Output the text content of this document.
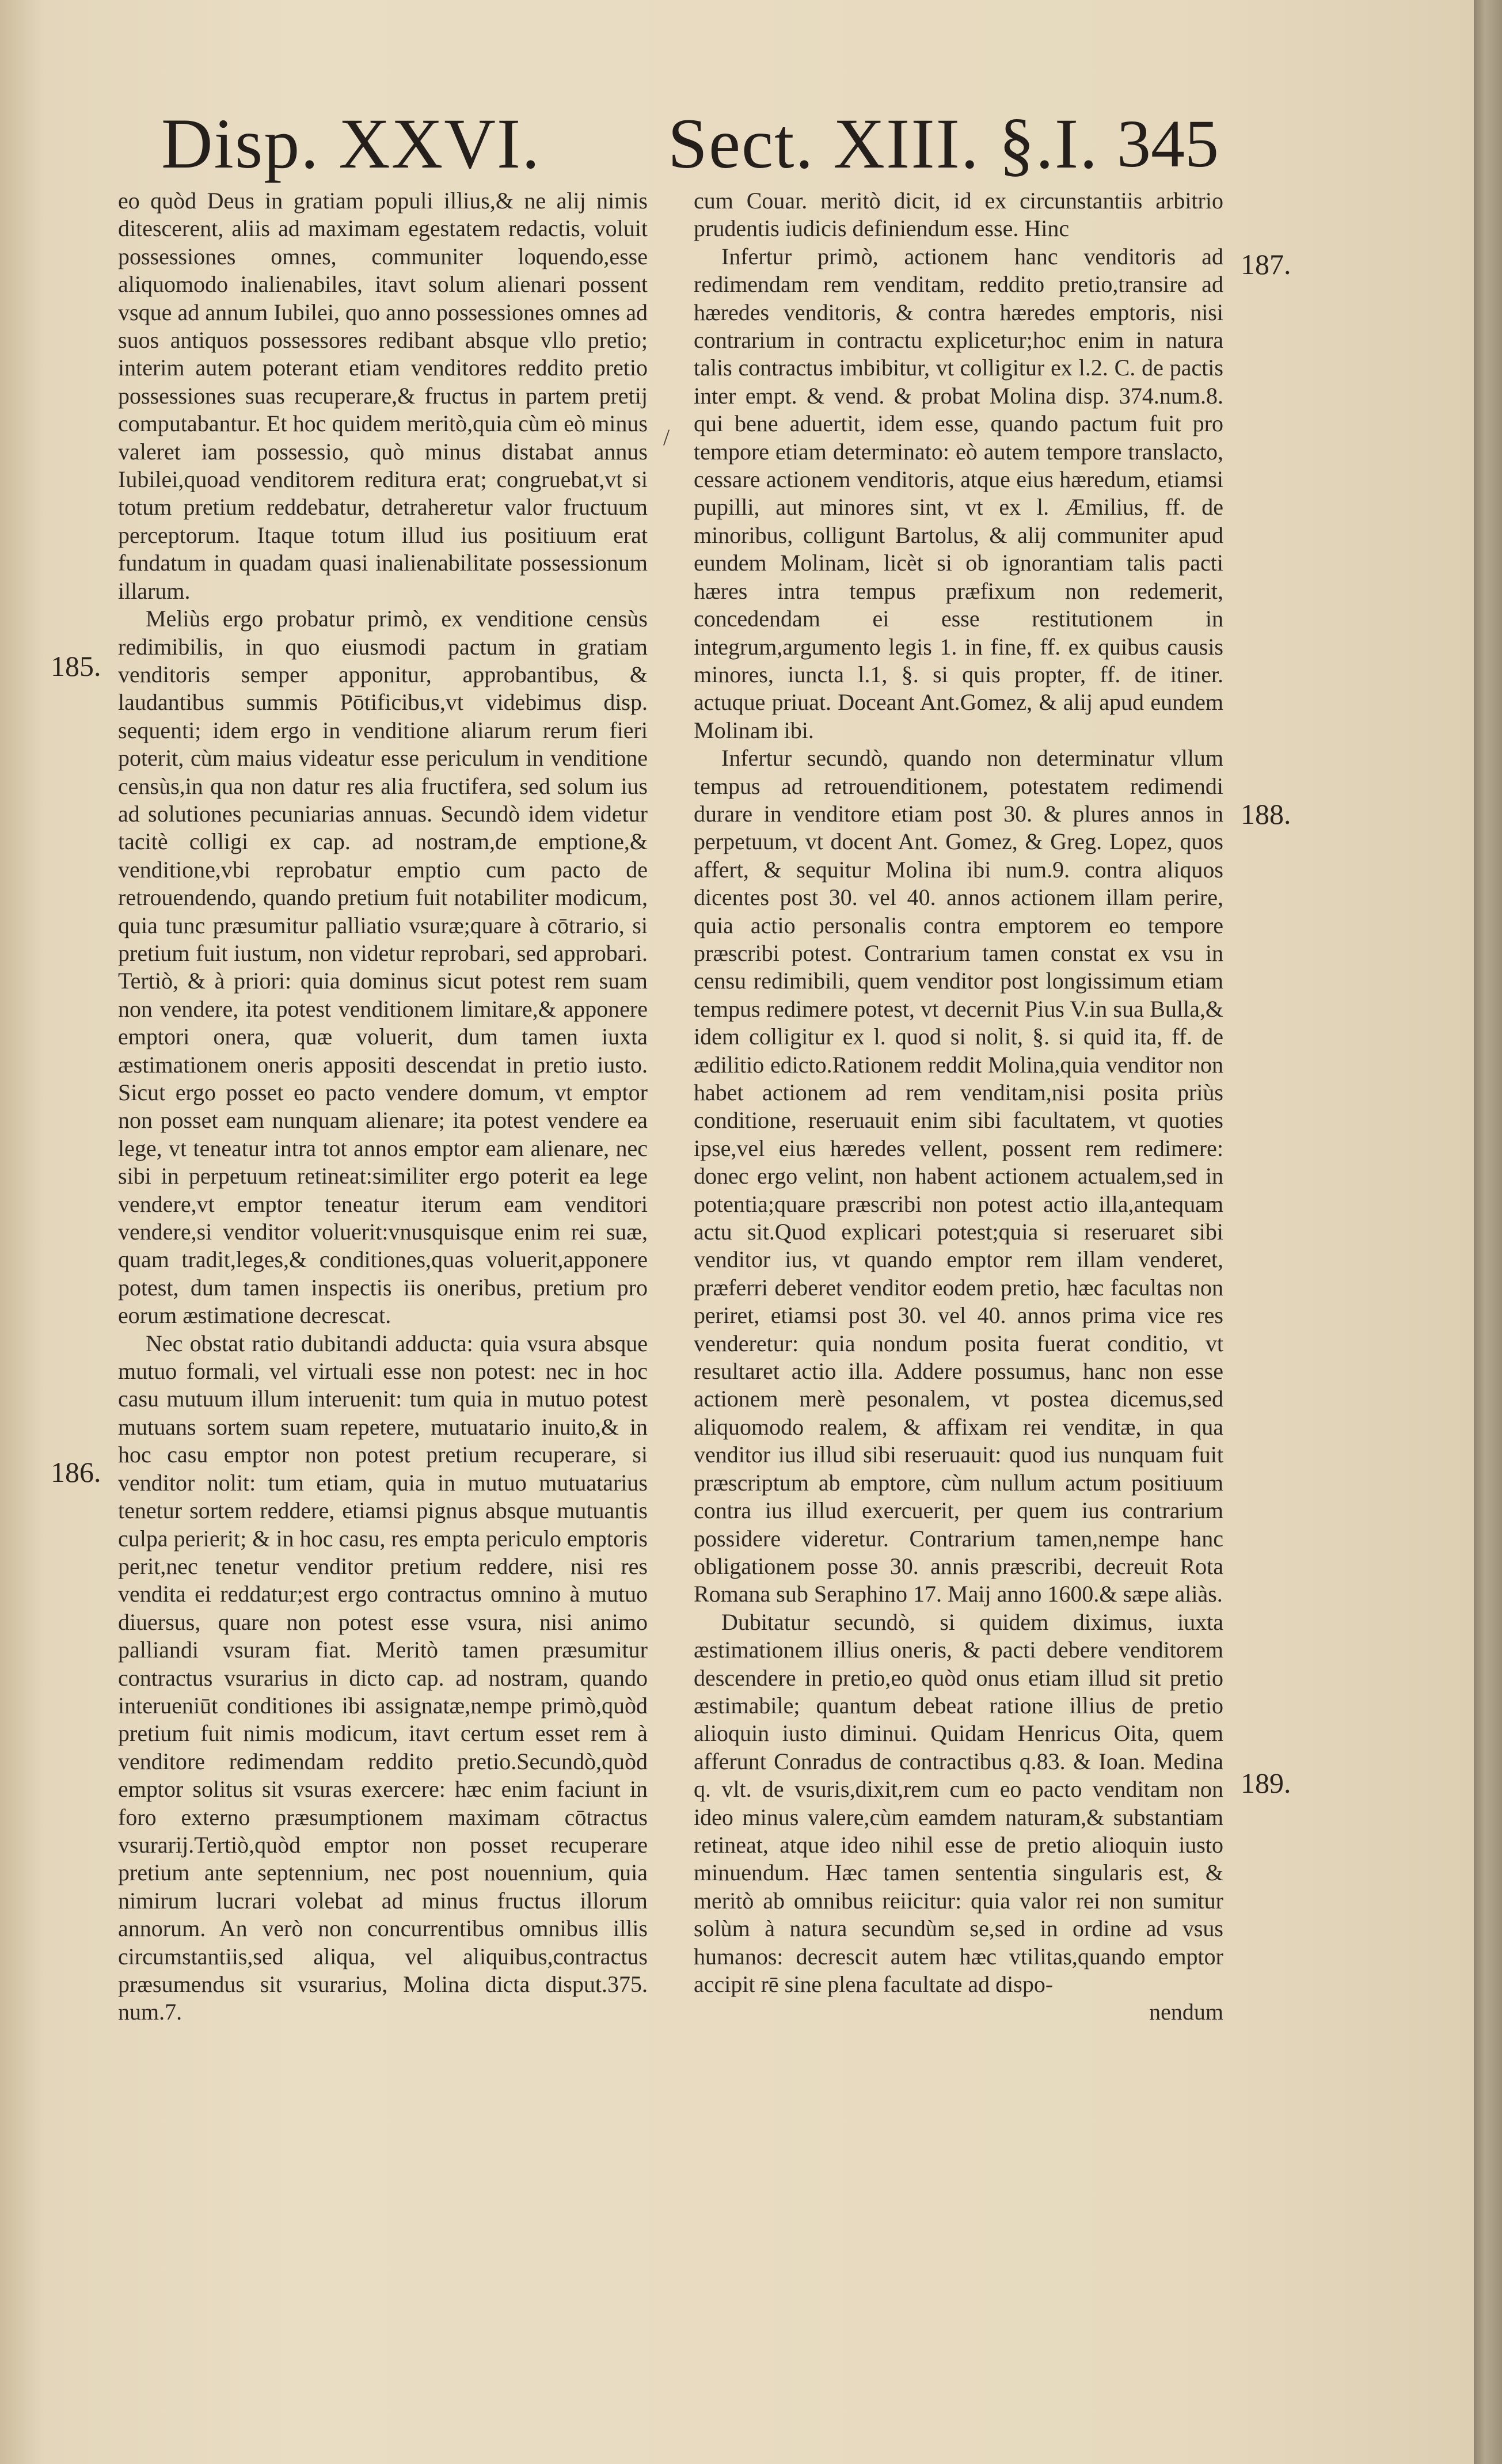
Disp. XXVI. Sect. XIII. §.I. 345
185.
186.
187.
188.
189.
/

eo quòd Deus in gratiam populi illius,& ne alij nimis ditescerent, aliis ad maximam egestatem redactis, voluit possessiones omnes, communiter loquendo,esse aliquomodo inalienabiles, itavt solum alienari possent vsque ad annum Iubilei, quo anno possessiones omnes ad suos antiquos possessores redibant absque vllo pretio; interim autem poterant etiam venditores reddito pretio possessiones suas recuperare,& fructus in partem pretij computabantur. Et hoc quidem meritò,quia cùm eò minus valeret iam possessio, quò minus distabat annus Iubilei,quoad venditorem reditura erat; congruebat,vt si totum pretium reddebatur, detraheretur valor fructuum perceptorum. Itaque totum illud ius positiuum erat fundatum in quadam quasi inalienabilitate possessionum illarum.

Meliùs ergo probatur primò, ex venditione censùs redimibilis, in quo eiusmodi pactum in gratiam venditoris semper apponitur, approbantibus, & laudantibus summis Pōtificibus,vt videbimus disp. sequenti; idem ergo in venditione aliarum rerum fieri poterit, cùm maius videatur esse periculum in venditione censùs,in qua non datur res alia fructifera, sed solum ius ad solutiones pecuniarias annuas. Secundò idem videtur tacitè colligi ex cap. ad nostram,de emptione,& venditione,vbi reprobatur emptio cum pacto de retrouendendo, quando pretium fuit notabiliter modicum, quia tunc præsumitur palliatio vsuræ;quare à cōtrario, si pretium fuit iustum, non videtur reprobari, sed approbari. Tertiò, & à priori: quia dominus sicut potest rem suam non vendere, ita potest venditionem limitare,& apponere emptori onera, quæ voluerit, dum tamen iuxta æstimationem oneris appositi descendat in pretio iusto. Sicut ergo posset eo pacto vendere domum, vt emptor non posset eam nunquam alienare; ita potest vendere ea lege, vt teneatur intra tot annos emptor eam alienare, nec sibi in perpetuum retineat:similiter ergo poterit ea lege vendere,vt emptor teneatur iterum eam venditori vendere,si venditor voluerit:vnusquisque enim rei suæ, quam tradit,leges,& conditiones,quas voluerit,apponere potest, dum tamen inspectis iis oneribus, pretium pro eorum æstimatione decrescat.

Nec obstat ratio dubitandi adducta: quia vsura absque mutuo formali, vel virtuali esse non potest: nec in hoc casu mutuum illum interuenit: tum quia in mutuo potest mutuans sortem suam repetere, mutuatario inuito,& in hoc casu emptor non potest pretium recuperare, si venditor nolit: tum etiam, quia in mutuo mutuatarius tenetur sortem reddere, etiamsi pignus absque mutuantis culpa perierit; & in hoc casu, res empta periculo emptoris perit,nec tenetur venditor pretium reddere, nisi res vendita ei reddatur;est ergo contractus omnino à mutuo diuersus, quare non potest esse vsura, nisi animo palliandi vsuram fiat. Meritò tamen præsumitur contractus vsurarius in dicto cap. ad nostram, quando interueniūt conditiones ibi assignatæ,nempe primò,quòd pretium fuit nimis modicum, itavt certum esset rem à venditore redimendam reddito pretio.Secundò,quòd emptor solitus sit vsuras exercere: hæc enim faciunt in foro externo præsumptionem maximam cōtractus vsurarij.Tertiò,quòd emptor non posset recuperare pretium ante septennium, nec post nouennium, quia nimirum lucrari volebat ad minus fructus illorum annorum. An verò non concurrentibus omnibus illis circumstantiis,sed aliqua, vel aliquibus,contractus præsumendus sit vsurarius, Molina dicta disput.375. num.7.

cum Couar. meritò dicit, id ex circunstantiis arbitrio prudentis iudicis definiendum esse. Hinc

Infertur primò, actionem hanc venditoris ad redimendam rem venditam, reddito pretio,transire ad hæredes venditoris, & contra hæredes emptoris, nisi contrarium in contractu explicetur;hoc enim in natura talis contractus imbibitur, vt colligitur ex l.2. C. de pactis inter empt. & vend. & probat Molina disp. 374.num.8. qui bene aduertit, idem esse, quando pactum fuit pro tempore etiam determinato: eò autem tempore translacto, cessare actionem venditoris, atque eius hæredum, etiamsi pupilli, aut minores sint, vt ex l. Æmilius, ff. de minoribus, colligunt Bartolus, & alij communiter apud eundem Molinam, licèt si ob ignorantiam talis pacti hæres intra tempus præfixum non redemerit, concedendam ei esse restitutionem in integrum,argumento legis 1. in fine, ff. ex quibus causis minores, iuncta l.1, §. si quis propter, ff. de itiner. actuque priuat. Doceant Ant.Gomez, & alij apud eundem Molinam ibi.

Infertur secundò, quando non determinatur vllum tempus ad retrouenditionem, potestatem redimendi durare in venditore etiam post 30. & plures annos in perpetuum, vt docent Ant. Gomez, & Greg. Lopez, quos affert, & sequitur Molina ibi num.9. contra aliquos dicentes post 30. vel 40. annos actionem illam perire, quia actio personalis contra emptorem eo tempore præscribi potest. Contrarium tamen constat ex vsu in censu redimibili, quem venditor post longissimum etiam tempus redimere potest, vt decernit Pius V.in sua Bulla,& idem colligitur ex l. quod si nolit, §. si quid ita, ff. de ædilitio edicto.Rationem reddit Molina,quia venditor non habet actionem ad rem venditam,nisi posita priùs conditione, reseruauit enim sibi facultatem, vt quoties ipse,vel eius hæredes vellent, possent rem redimere: donec ergo velint, non habent actionem actualem,sed in potentia;quare præscribi non potest actio illa,antequam actu sit.Quod explicari potest;quia si reseruaret sibi venditor ius, vt quando emptor rem illam venderet, præferri deberet venditor eodem pretio, hæc facultas non periret, etiamsi post 30. vel 40. annos prima vice res venderetur: quia nondum posita fuerat conditio, vt resultaret actio illa. Addere possumus, hanc non esse actionem merè pesonalem, vt postea dicemus,sed aliquomodo realem, & affixam rei venditæ, in qua venditor ius illud sibi reseruauit: quod ius nunquam fuit præscriptum ab emptore, cùm nullum actum positiuum contra ius illud exercuerit, per quem ius contrarium possidere videretur. Contrarium tamen,nempe hanc obligationem posse 30. annis præscribi, decreuit Rota Romana sub Seraphino 17. Maij anno 1600.& sæpe aliàs.

Dubitatur secundò, si quidem diximus, iuxta æstimationem illius oneris, & pacti debere venditorem descendere in pretio,eo quòd onus etiam illud sit pretio æstimabile; quantum debeat ratione illius de pretio alioquin iusto diminui. Quidam Henricus Oita, quem afferunt Conradus de contractibus q.83. & Ioan. Medina q. vlt. de vsuris,dixit,rem cum eo pacto venditam non ideo minus valere,cùm eamdem naturam,& substantiam retineat, atque ideo nihil esse de pretio alioquin iusto minuendum. Hæc tamen sententia singularis est, & meritò ab omnibus reiicitur: quia valor rei non sumitur solùm à natura secundùm se,sed in ordine ad vsus humanos: decrescit autem hæc vtilitas,quando emptor accipit rē sine plena facultate ad dispo-

nendum
